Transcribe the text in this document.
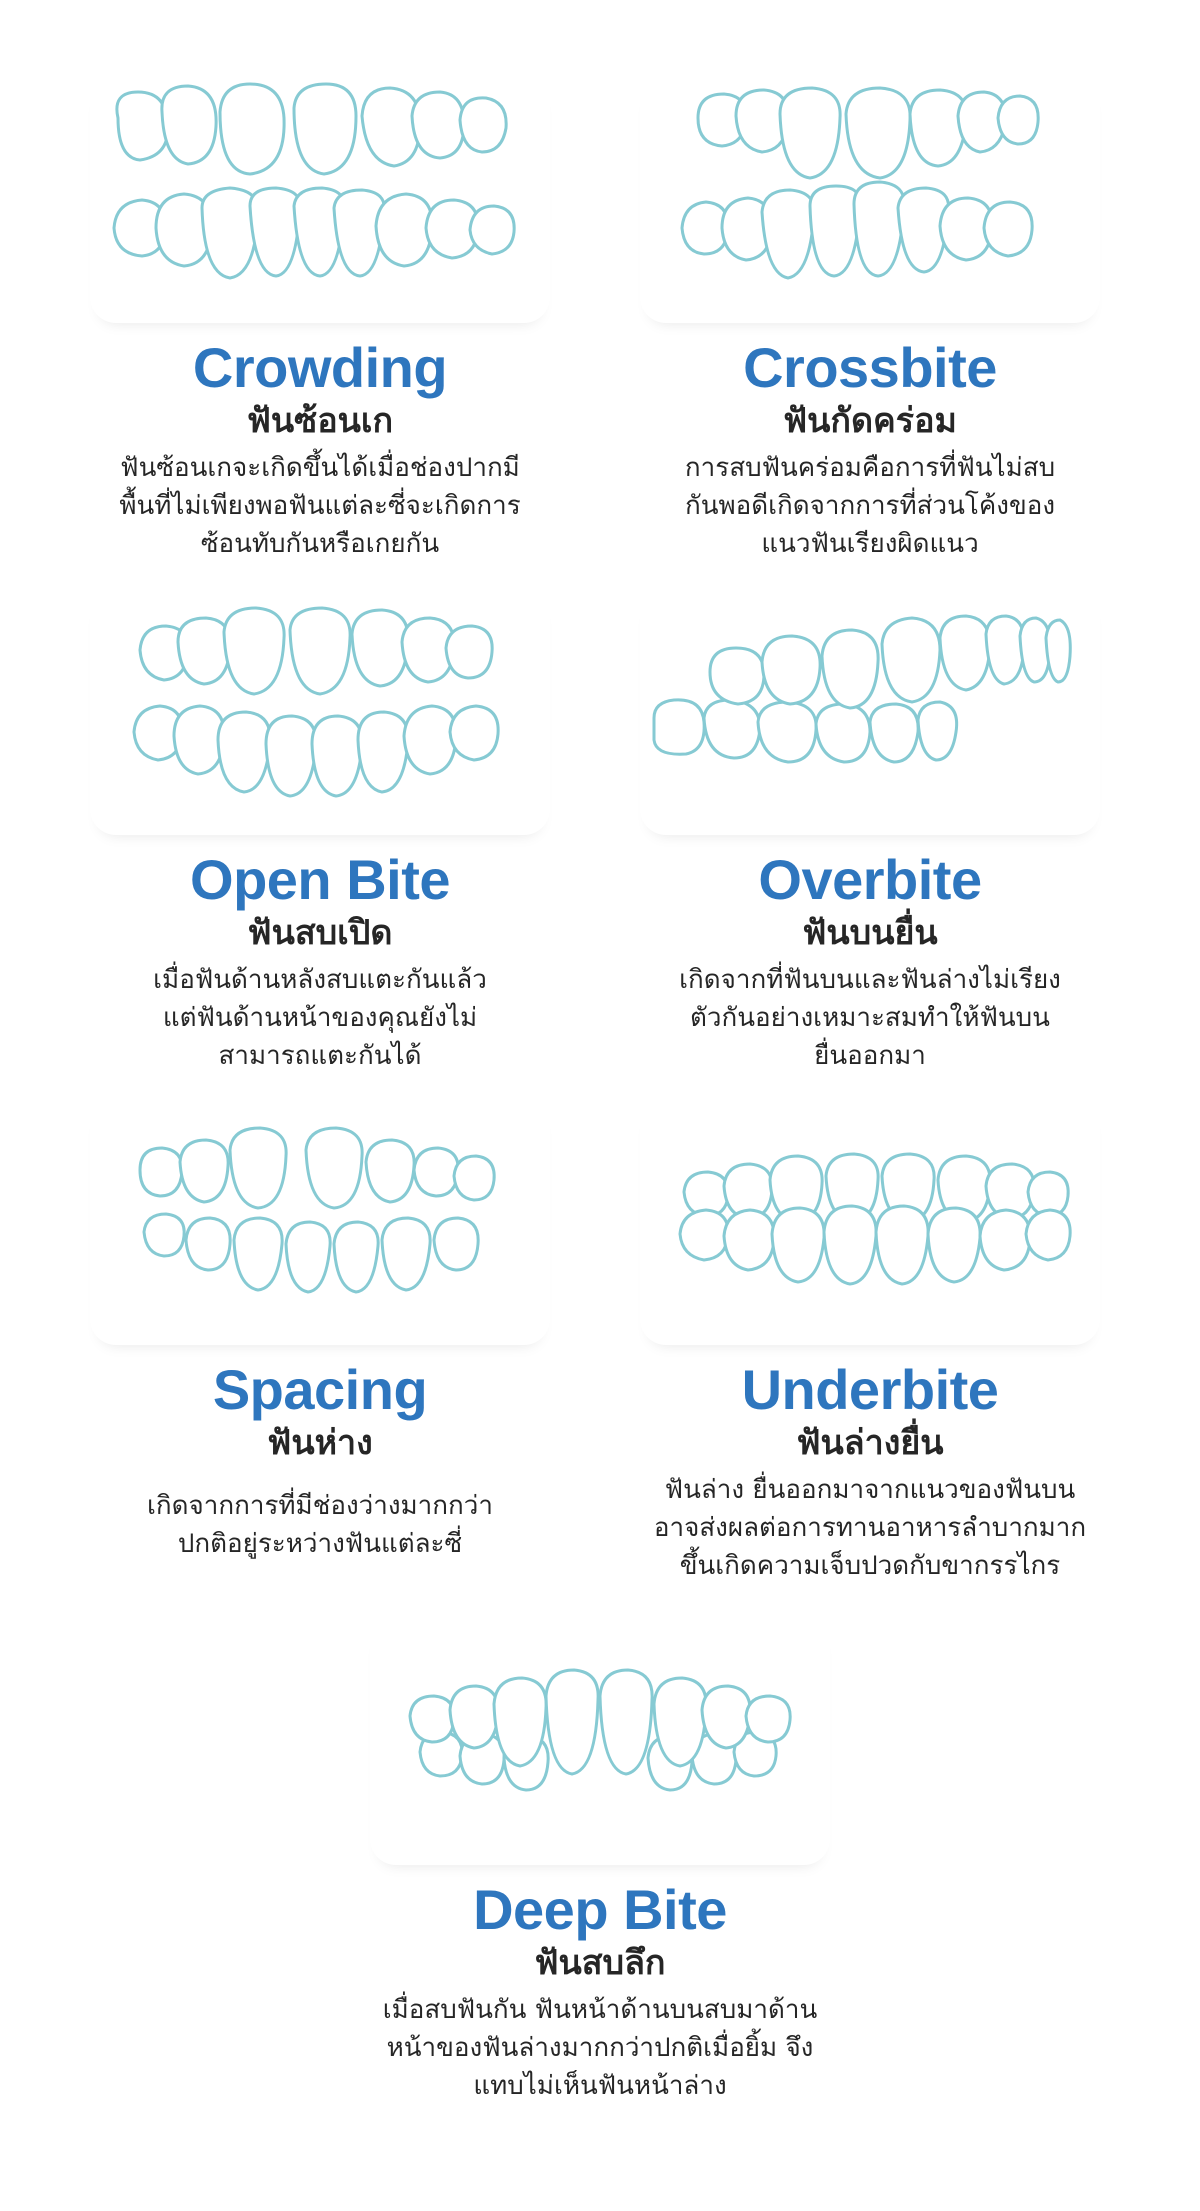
Crowding
ฟันซ้อนเก
ฟันซ้อนเกจะเกิดขึ้นได้เมื่อช่องปากมี
พื้นที่ไม่เพียงพอฟันแต่ละซี่จะเกิดการ
ซ้อนทับกันหรือเกยกัน
Crossbite
ฟันกัดคร่อม
การสบฟันคร่อมคือการที่ฟันไม่สบ
กันพอดีเกิดจากการที่ส่วนโค้งของ
แนวฟันเรียงผิดแนว
Open Bite
ฟันสบเปิด
เมื่อฟันด้านหลังสบแตะกันแล้ว
แต่ฟันด้านหน้าของคุณยังไม่
สามารถแตะกันได้
Overbite
ฟันบนยื่น
เกิดจากที่ฟันบนและฟันล่างไม่เรียง
ตัวกันอย่างเหมาะสมทำให้ฟันบน
ยื่นออกมา
Spacing
ฟันห่าง
เกิดจากการที่มีช่องว่างมากกว่า
ปกติอยู่ระหว่างฟันแต่ละซี่
Underbite
ฟันล่างยื่น
ฟันล่าง ยื่นออกมาจากแนวของฟันบน
อาจส่งผลต่อการทานอาหารลำบากมาก
ขึ้นเกิดความเจ็บปวดกับขากรรไกร
Deep Bite
ฟันสบลึก
เมื่อสบฟันกัน ฟันหน้าด้านบนสบมาด้าน
หน้าของฟันล่างมากกว่าปกติเมื่อยิ้ม จึง
แทบไม่เห็นฟันหน้าล่าง
